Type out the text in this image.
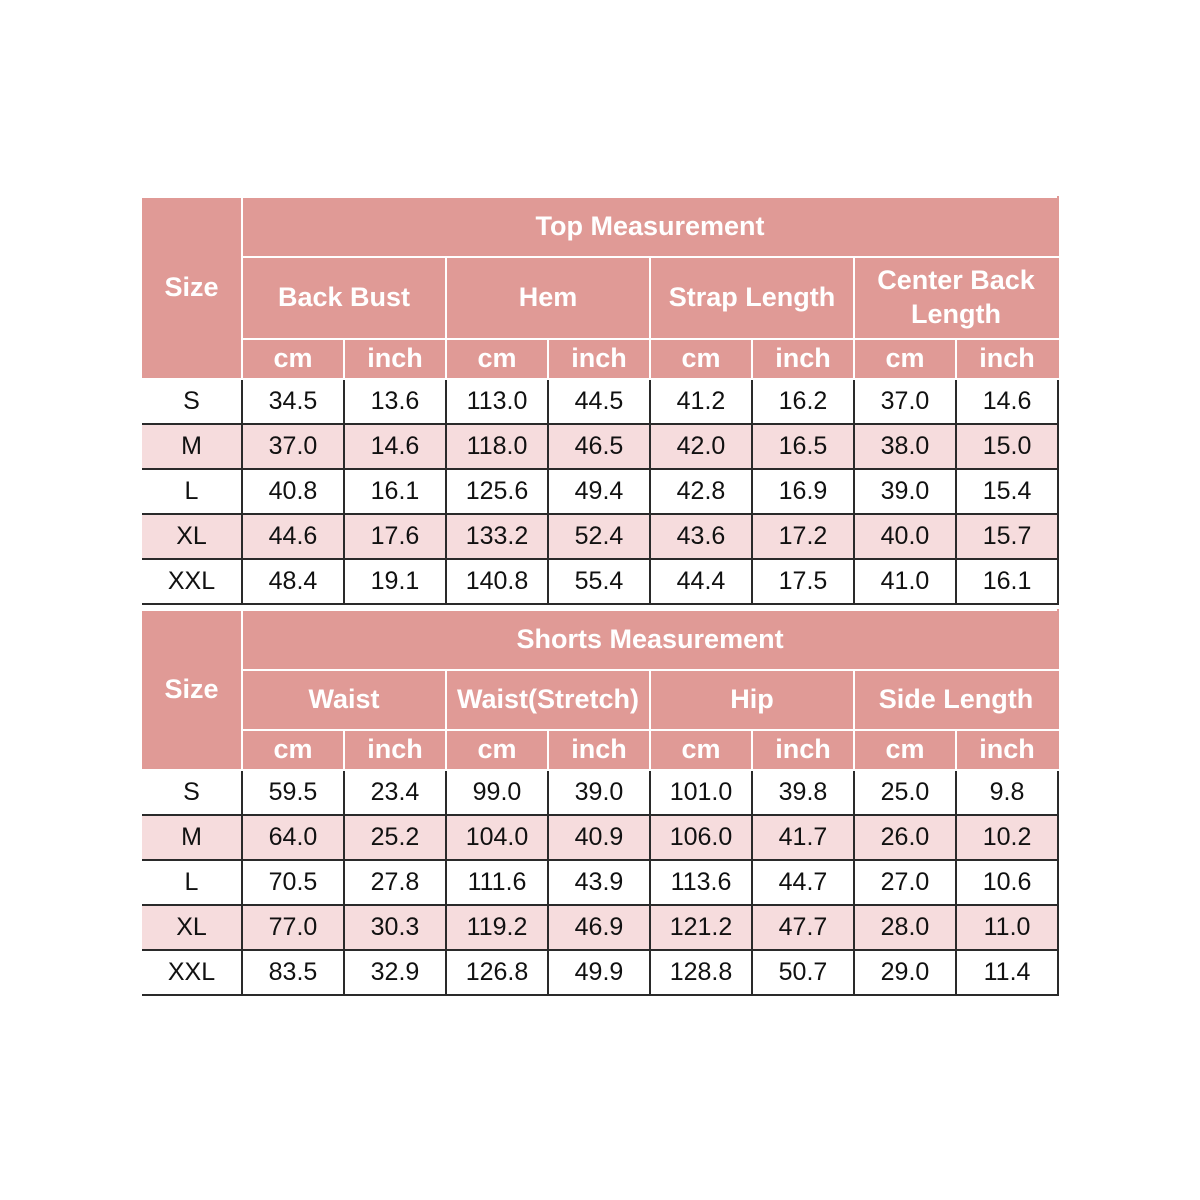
Size	Top Measurement							
	Back Bust		Hem		Strap Length		Center Back Length	
	cm	inch	cm	inch	cm	inch	cm	inch
S	34.5	13.6	113.0	44.5	41.2	16.2	37.0	14.6
M	37.0	14.6	118.0	46.5	42.0	16.5	38.0	15.0
L	40.8	16.1	125.6	49.4	42.8	16.9	39.0	15.4
XL	44.6	17.6	133.2	52.4	43.6	17.2	40.0	15.7
XXL	48.4	19.1	140.8	55.4	44.4	17.5	41.0	16.1
Size	Shorts Measurement							
	Waist		Waist(Stretch)		Hip		Side Length	
	cm	inch	cm	inch	cm	inch	cm	inch
S	59.5	23.4	99.0	39.0	101.0	39.8	25.0	9.8
M	64.0	25.2	104.0	40.9	106.0	41.7	26.0	10.2
L	70.5	27.8	111.6	43.9	113.6	44.7	27.0	10.6
XL	77.0	30.3	119.2	46.9	121.2	47.7	28.0	11.0
XXL	83.5	32.9	126.8	49.9	128.8	50.7	29.0	11.4
